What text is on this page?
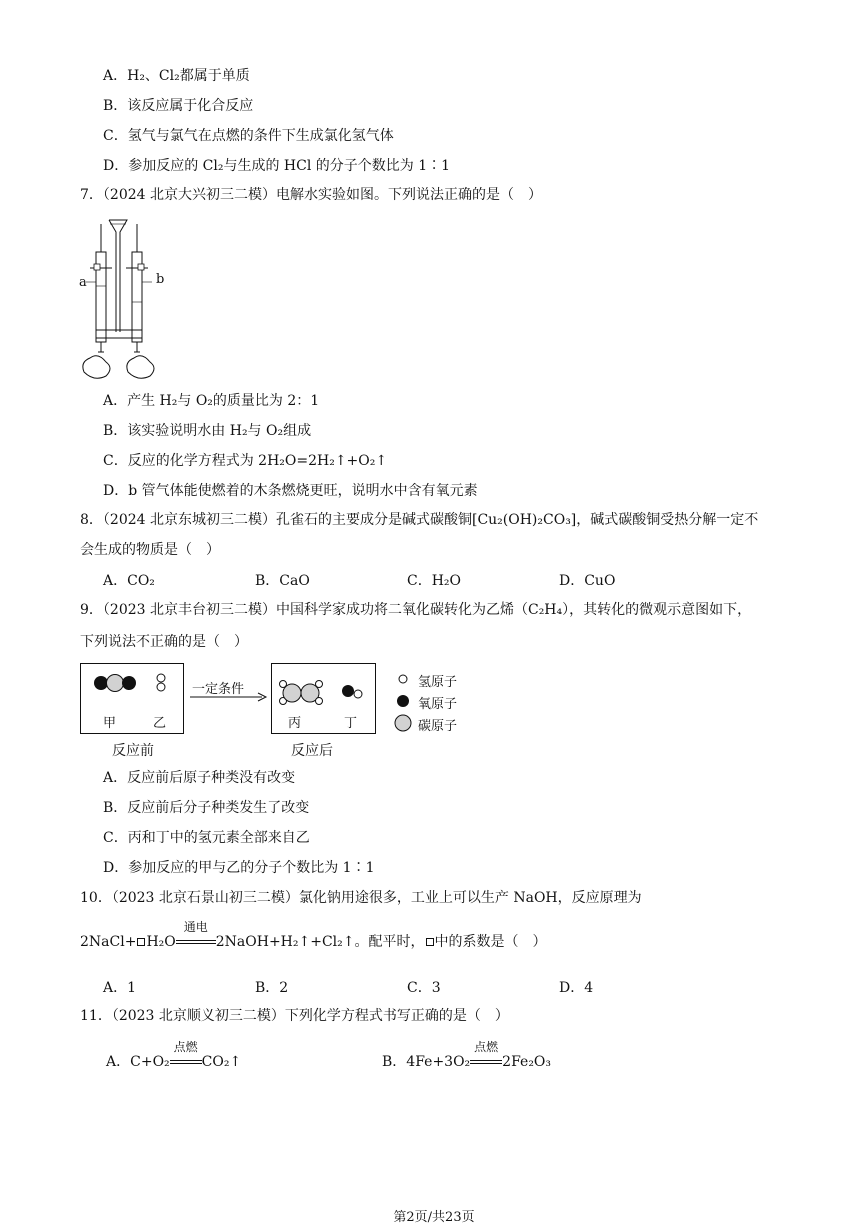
A．H₂、Cl₂都属于单质
B．该反应属于化合反应
C．氢气与氯气在点燃的条件下生成氯化氢气体
D．参加反应的 Cl₂与生成的 HCl 的分子个数比为 1∶1
7．（2024 北京大兴初三二模）电解水实验如图。下列说法正确的是（　）
a	b
A．产生 H₂与 O₂的质量比为 2：1
B．该实验说明水由 H₂与 O₂组成
C．反应的化学方程式为 2H₂O=2H₂↑+O₂↑
D．b 管气体能使燃着的木条燃烧更旺，说明水中含有氧元素
8．（2024 北京东城初三二模）孔雀石的主要成分是碱式碳酸铜[Cu₂(OH)₂CO₃]，碱式碳酸铜受热分解一定不
会生成的物质是（　）
A．CO₂	B．CaO	C．H₂O	D．CuO
9．（2023 北京丰台初三二模）中国科学家成功将二氧化碳转化为乙烯（C₂H₄），其转化的微观示意图如下，
下列说法不正确的是（　）
甲	乙
反应前
一定条件
丙	丁
反应后
氢原子
氧原子
碳原子
A．反应前后原子种类没有改变
B．反应前后分子种类发生了改变
C．丙和丁中的氢元素全部来自乙
D．参加反应的甲与乙的分子个数比为 1∶1
10．（2023 北京石景山初三二模）氯化钠用途很多，工业上可以生产 NaOH，反应原理为
2NaCl+ H₂O
通电
2NaOH+H₂↑+Cl₂↑。配平时， 中的系数是（　）
A．1	B．2	C．3	D．4
11．（2023 北京顺义初三二模）下列化学方程式书写正确的是（　）
A．C+O₂
点燃
CO₂↑	B．4Fe+3O₂
点燃
2Fe₂O₃
第2页/共23页
